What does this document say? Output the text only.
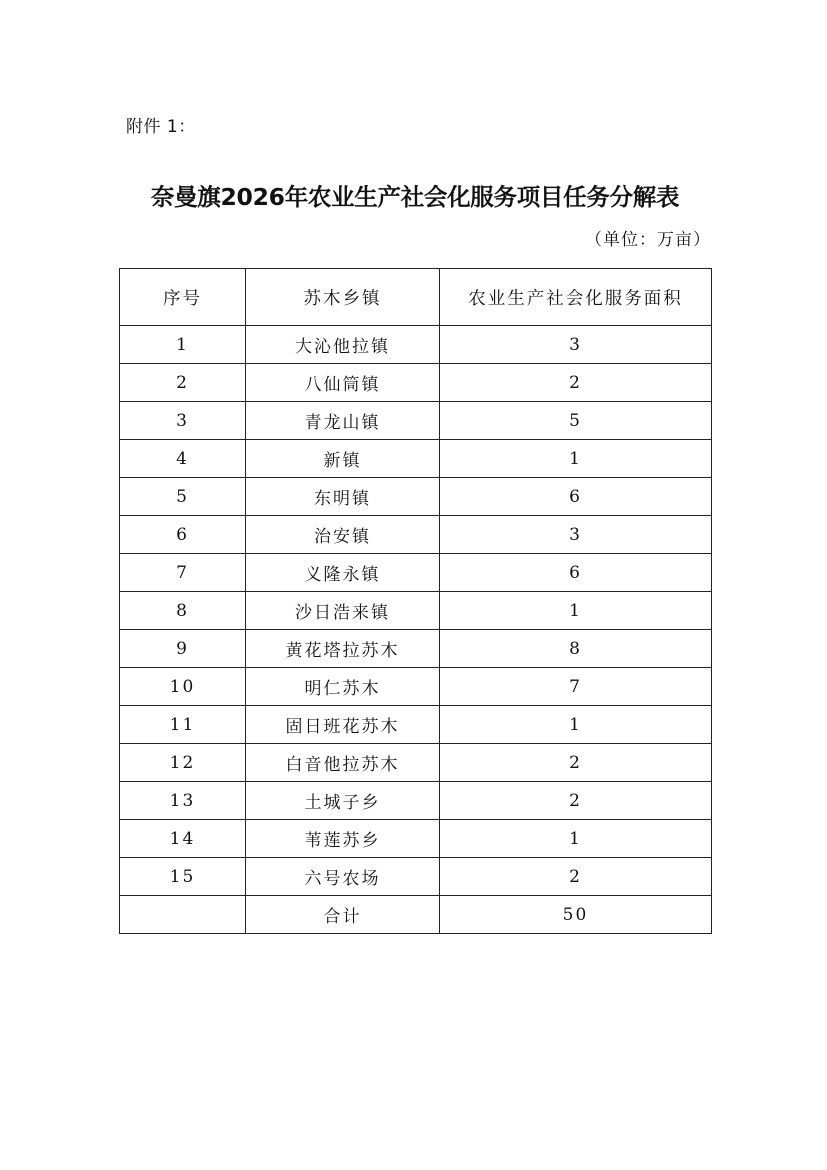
附件 1：
奈曼旗2026年农业生产社会化服务项目任务分解表
（单位：万亩）
序号	苏木乡镇	农业生产社会化服务面积
1	大沁他拉镇	3
2	八仙筒镇	2
3	青龙山镇	5
4	新镇	1
5	东明镇	6
6	治安镇	3
7	义隆永镇	6
8	沙日浩来镇	1
9	黄花塔拉苏木	8
10	明仁苏木	7
11	固日班花苏木	1
12	白音他拉苏木	2
13	土城子乡	2
14	苇莲苏乡	1
15	六号农场	2
	合计	50
